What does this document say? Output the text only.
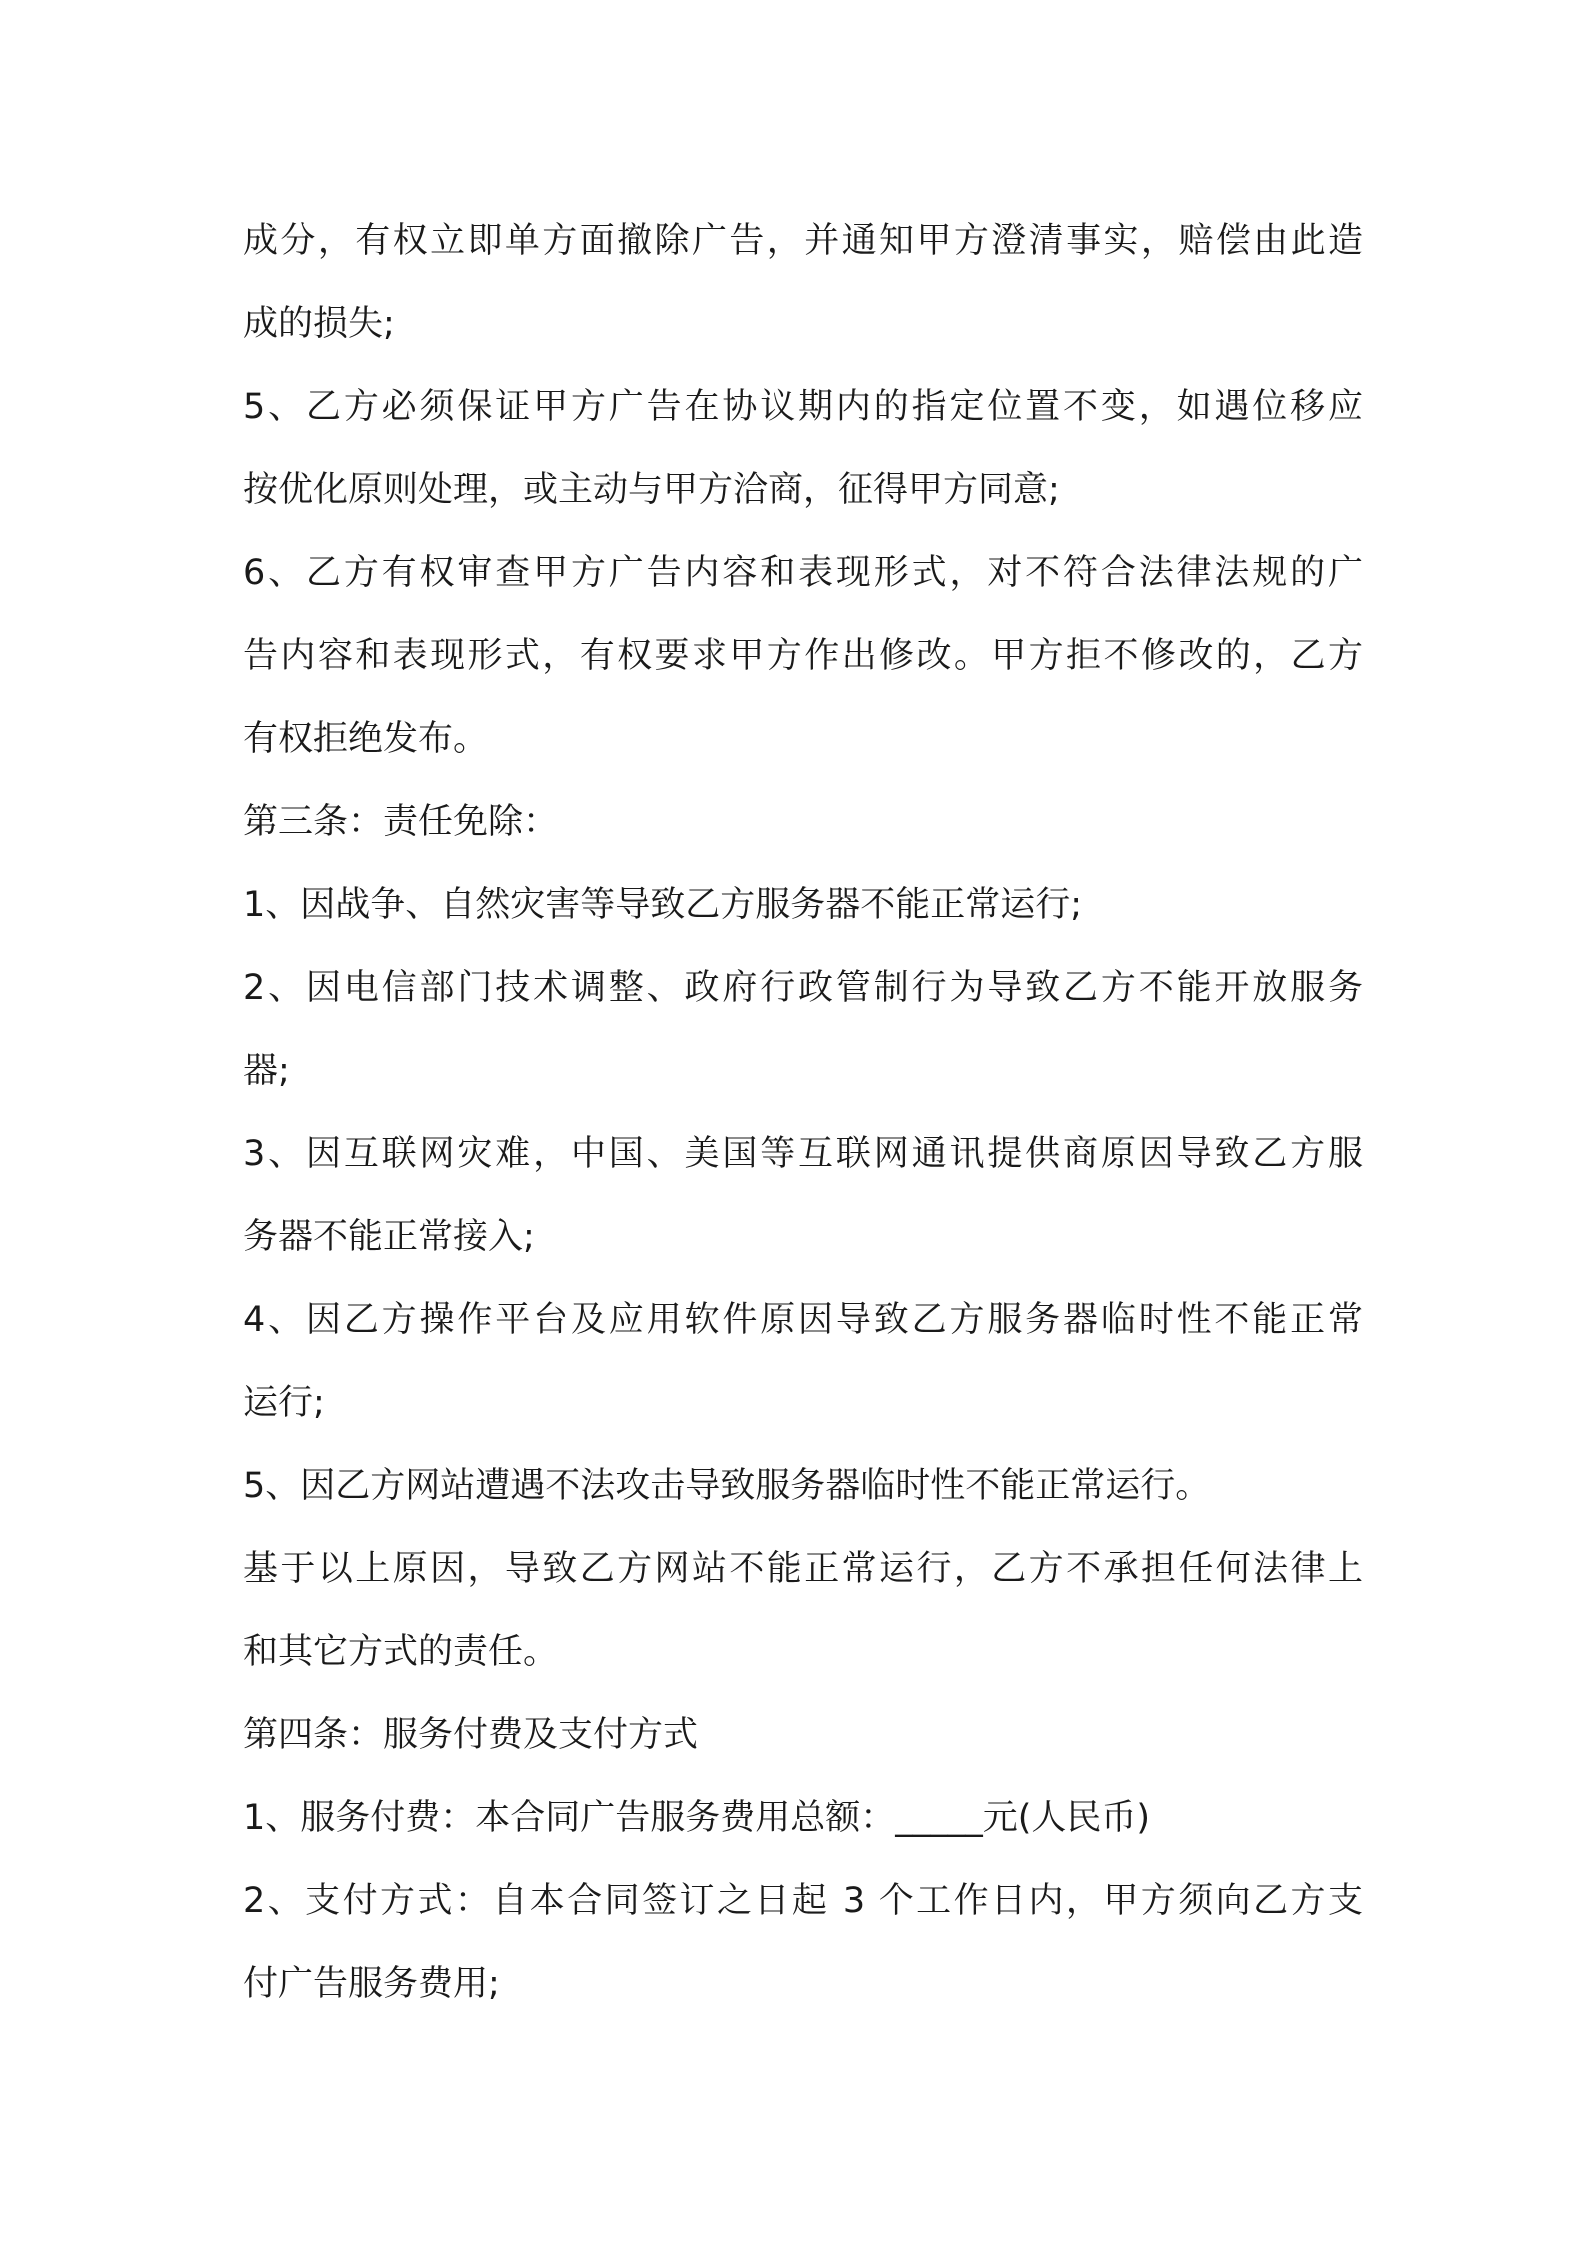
成分，有权立即单方面撤除广告，并通知甲方澄清事实，赔偿由此造
成的损失;
5、乙方必须保证甲方广告在协议期内的指定位置不变，如遇位移应
按优化原则处理，或主动与甲方洽商，征得甲方同意;
6、乙方有权审查甲方广告内容和表现形式，对不符合法律法规的广
告内容和表现形式，有权要求甲方作出修改。甲方拒不修改的，乙方
有权拒绝发布。
第三条：责任免除：
1、因战争、自然灾害等导致乙方服务器不能正常运行;
2、因电信部门技术调整、政府行政管制行为导致乙方不能开放服务
器;
3、因互联网灾难，中国、美国等互联网通讯提供商原因导致乙方服
务器不能正常接入;
4、因乙方操作平台及应用软件原因导致乙方服务器临时性不能正常
运行;
5、因乙方网站遭遇不法攻击导致服务器临时性不能正常运行。
基于以上原因，导致乙方网站不能正常运行，乙方不承担任何法律上
和其它方式的责任。
第四条：服务付费及支付方式
1、服务付费：本合同广告服务费用总额：_____元(人民币)
2、支付方式：自本合同签订之日起 3 个工作日内，甲方须向乙方支
付广告服务费用;
